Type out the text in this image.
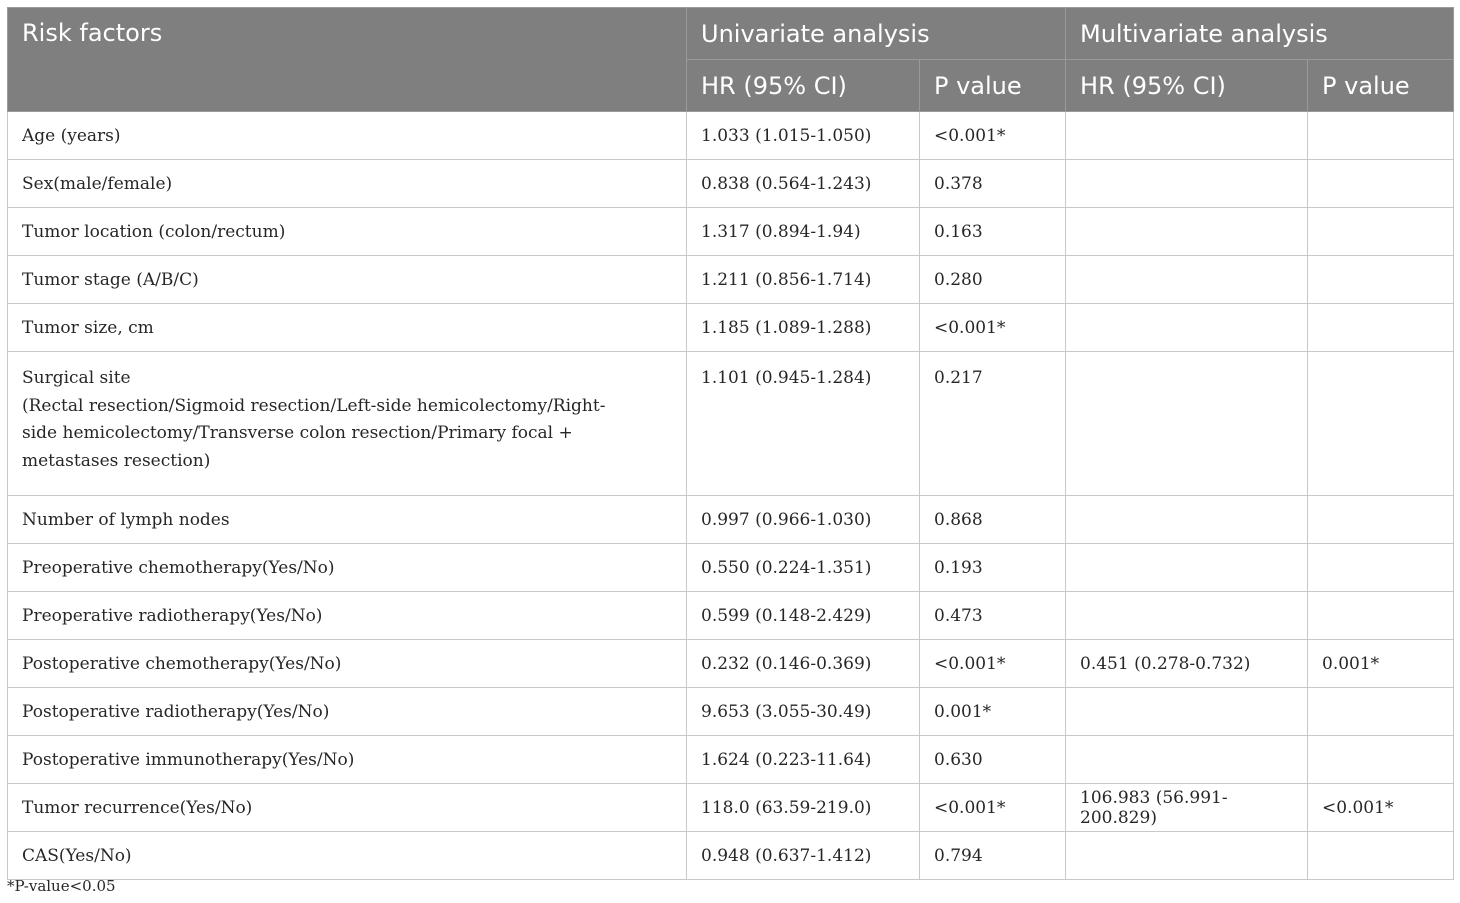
Risk factors	Univariate analysis		Multivariate analysis	
	HR (95% CI)	P value	HR (95% CI)	P value
Age (years)	1.033 (1.015-1.050)	<0.001*		
Sex(male/female)	0.838 (0.564-1.243)	0.378		
Tumor location (colon/rectum)	1.317 (0.894-1.94)	0.163		
Tumor stage (A/B/C)	1.211 (0.856-1.714)	0.280		
Tumor size, cm	1.185 (1.089-1.288)	<0.001*		

Surgical site
(Rectal resection/Sigmoid resection/Left-side hemicolectomy/Right-side hemicolectomy/Transverse colon resection/Primary focal + metastases resection)	1.101 (0.945-1.284)	0.217		
Number of lymph nodes	0.997 (0.966-1.030)	0.868		
Preoperative chemotherapy(Yes/No)	0.550 (0.224-1.351)	0.193		
Preoperative radiotherapy(Yes/No)	0.599 (0.148-2.429)	0.473		
Postoperative chemotherapy(Yes/No)	0.232 (0.146-0.369)	<0.001*	0.451 (0.278-0.732)	0.001*
Postoperative radiotherapy(Yes/No)	9.653 (3.055-30.49)	0.001*		
Postoperative immunotherapy(Yes/No)	1.624 (0.223-11.64)	0.630		
Tumor recurrence(Yes/No)	118.0 (63.59-219.0)	<0.001*	106.983 (56.991-200.829)	<0.001*
CAS(Yes/No)	0.948 (0.637-1.412)	0.794		
*P-value<0.05
